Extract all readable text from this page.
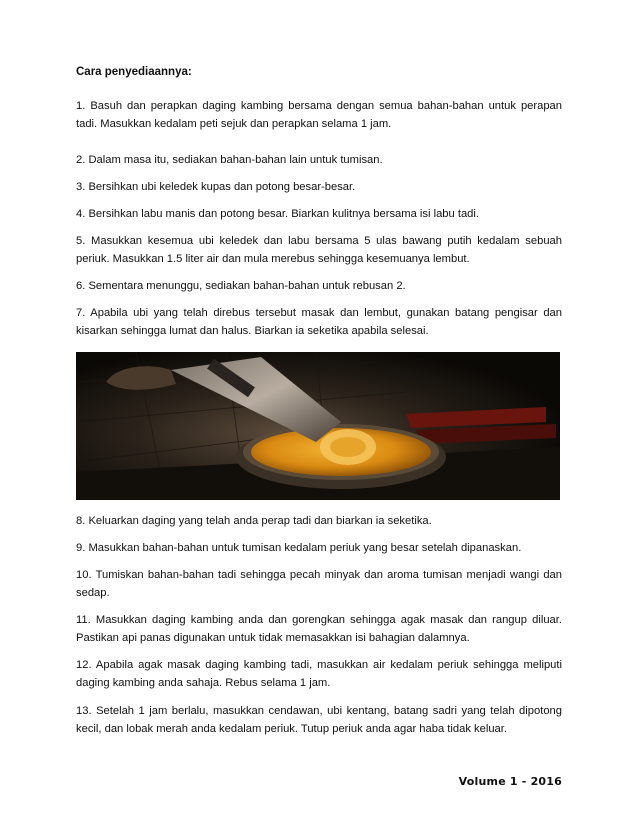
Cara penyediaannya:

1. Basuh dan perapkan daging kambing bersama dengan semua bahan-bahan untuk perapan tadi. Masukkan kedalam peti sejuk dan perapkan selama 1 jam.

2. Dalam masa itu, sediakan bahan-bahan lain untuk tumisan.

3. Bersihkan ubi keledek kupas dan potong besar-besar.

4. Bersihkan labu manis dan potong besar. Biarkan kulitnya bersama isi labu tadi.

5. Masukkan kesemua ubi keledek dan labu bersama 5 ulas bawang putih kedalam sebuah periuk. Masukkan 1.5 liter air dan mula merebus sehingga kesemuanya lembut.

6. Sementara menunggu, sediakan bahan-bahan untuk rebusan 2.

7. Apabila ubi yang telah direbus tersebut masak dan lembut, gunakan batang pengisar dan kisarkan sehingga lumat dan halus. Biarkan ia seketika apabila selesai.

8. Keluarkan daging yang telah anda perap tadi dan biarkan ia seketika.

9. Masukkan bahan-bahan untuk tumisan kedalam periuk yang besar setelah dipanaskan.

10. Tumiskan bahan-bahan tadi sehingga pecah minyak dan aroma tumisan menjadi wangi dan sedap.

11. Masukkan daging kambing anda dan gorengkan sehingga agak masak dan rangup diluar. Pastikan api panas digunakan untuk tidak memasakkan isi bahagian dalamnya.

12. Apabila agak masak daging kambing tadi, masukkan air kedalam periuk sehingga meliputi daging kambing anda sahaja. Rebus selama 1 jam.

13. Setelah 1 jam berlalu, masukkan cendawan, ubi kentang, batang sadri yang telah dipotong kecil, dan lobak merah anda kedalam periuk. Tutup periuk anda agar haba tidak keluar.

Volume 1 - 2016
